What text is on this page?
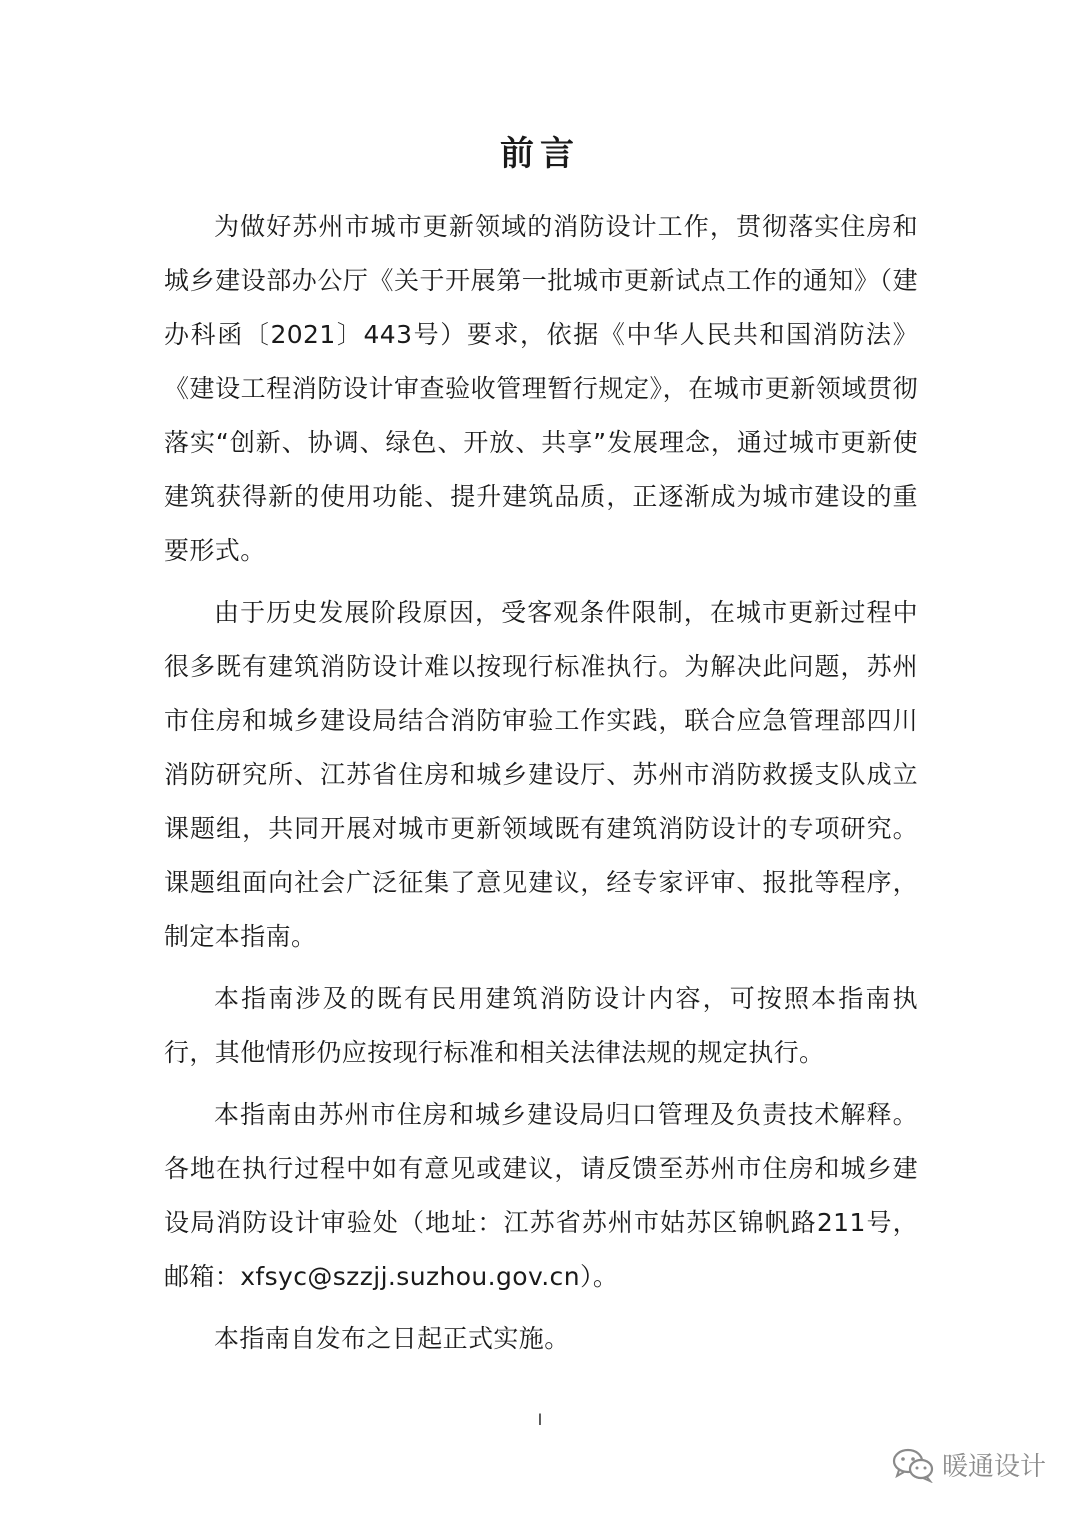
前言

为做好苏州市城市更新领域的消防设计工作，贯彻落实住房和城乡建设部办公厅《关于开展第一批城市更新试点工作的通知》（建办科函〔2021〕443号）要求，依据《中华人民共和国消防法》《建设工程消防设计审查验收管理暂行规定》，在城市更新领域贯彻落实“创新、协调、绿色、开放、共享”发展理念，通过城市更新使建筑获得新的使用功能、提升建筑品质，正逐渐成为城市建设的重要形式。

由于历史发展阶段原因，受客观条件限制，在城市更新过程中很多既有建筑消防设计难以按现行标准执行。为解决此问题，苏州市住房和城乡建设局结合消防审验工作实践，联合应急管理部四川消防研究所、江苏省住房和城乡建设厅、苏州市消防救援支队成立课题组，共同开展对城市更新领域既有建筑消防设计的专项研究。课题组面向社会广泛征集了意见建议，经专家评审、报批等程序，制定本指南。

本指南涉及的既有民用建筑消防设计内容，可按照本指南执行，其他情形仍应按现行标准和相关法律法规的规定执行。

本指南由苏州市住房和城乡建设局归口管理及负责技术解释。各地在执行过程中如有意见或建议，请反馈至苏州市住房和城乡建设局消防设计审验处（地址：江苏省苏州市姑苏区锦帆路211号，邮箱：xfsyc@szzjj.suzhou.gov.cn）。

本指南自发布之日起正式实施。

I
暖通设计
